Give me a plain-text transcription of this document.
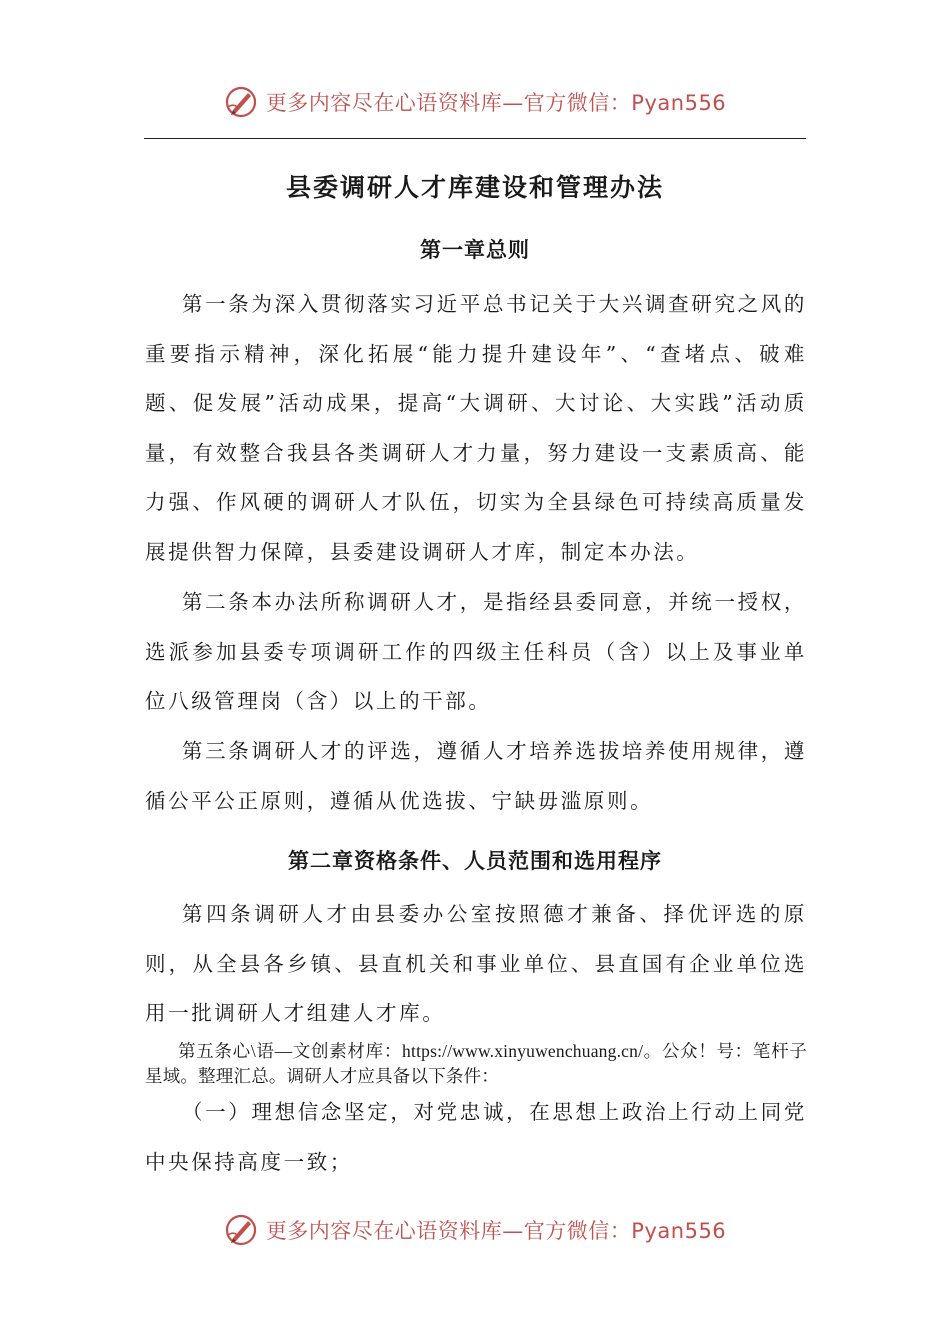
更多内容尽在心语资料库—官方微信：Pyan556
县委调研人才库建设和管理办法
第一章总则

第一条为深入贯彻落实习近平总书记关于大兴调查研究之风的重要指示精神，深化拓展“能力提升建设年”、“查堵点、破难题、促发展”活动成果，提高“大调研、大讨论、大实践”活动质量，有效整合我县各类调研人才力量，努力建设一支素质高、能力强、作风硬的调研人才队伍，切实为全县绿色可持续高质量发展提供智力保障，县委建设调研人才库，制定本办法。

第二条本办法所称调研人才，是指经县委同意，并统一授权，选派参加县委专项调研工作的四级主任科员（含）以上及事业单位八级管理岗（含）以上的干部。

第三条调研人才的评选，遵循人才培养选拔培养使用规律，遵循公平公正原则，遵循从优选拔、宁缺毋滥原则。

第二章资格条件、人员范围和选用程序

第四条调研人才由县委办公室按照德才兼备、择优评选的原则，从全县各乡镇、县直机关和事业单位、县直国有企业单位选用一批调研人才组建人才库。

第五条心\语—文创素材库：https://www.xinyuwenchuang.cn/。公众！号：笔杆子星域。整理汇总。调研人才应具备以下条件：

（一）理想信念坚定，对党忠诚，在思想上政治上行动上同党中央保持高度一致；

更多内容尽在心语资料库—官方微信：Pyan556
